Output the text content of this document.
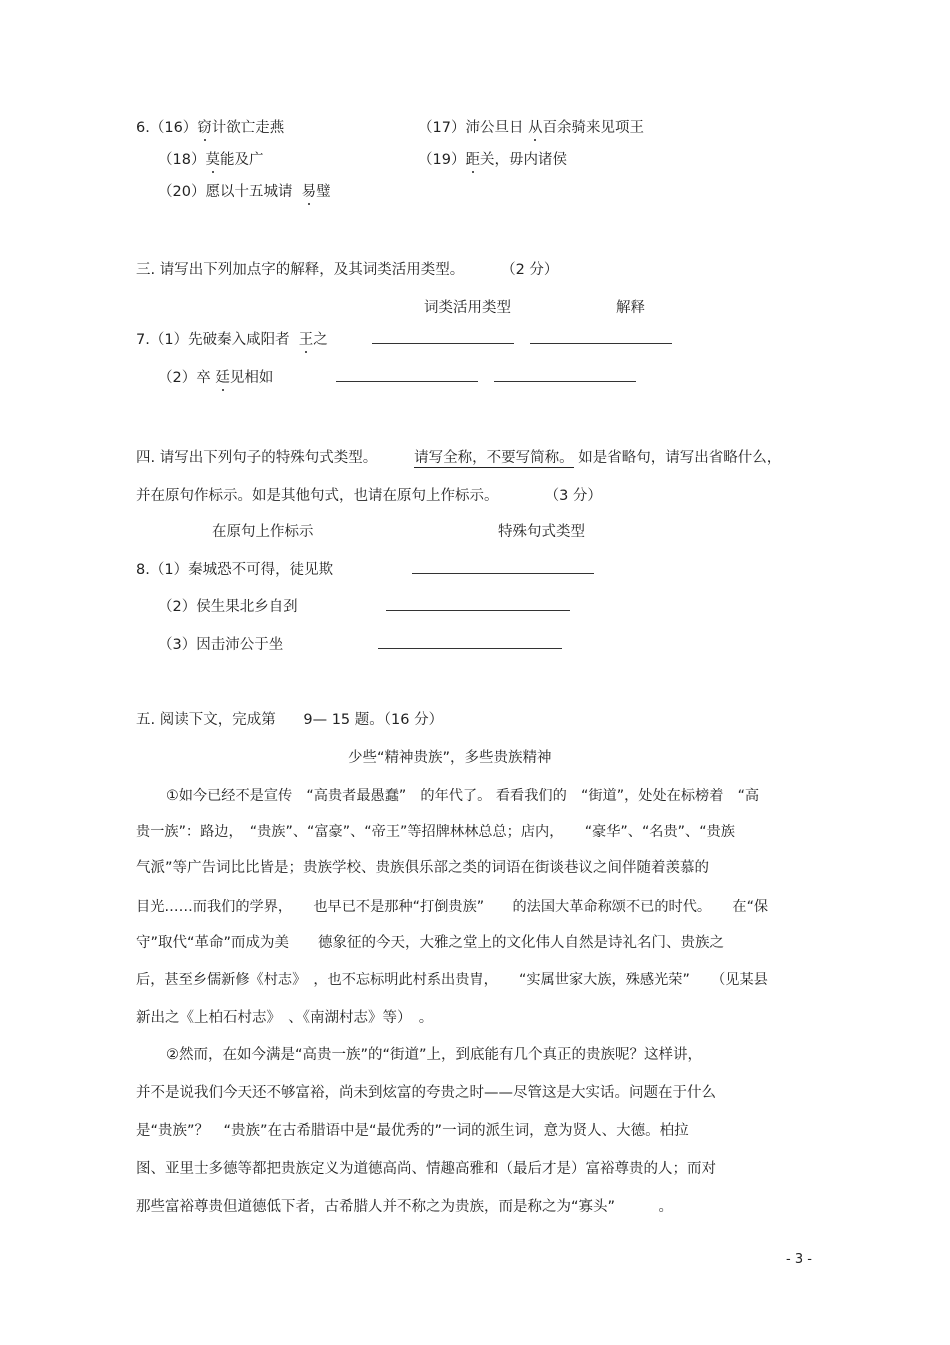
6.（16）窃计欲亡走燕	（17）沛公旦日 从百余骑来见项王
（18）莫能及广	（19）距关，毋内诸侯
（20）愿以十五城请 易璧
三. 请写出下列加点字的解释，及其词类活用类型。	（2 分）
词类活用类型	解释
7.（1）先破秦入咸阳者 王之
（2）卒 廷见相如
四. 请写出下列句子的特殊句式类型。	请写全称，不要写简称。 如是省略句，请写出省略什么，
并在原句作标示。如是其他句式，也请在原句上作标示。	（3 分）
在原句上作标示	特殊句式类型
8.（1）秦城恐不可得，徒见欺
（2）侯生果北乡自刭
（3）因击沛公于坐
五. 阅读下文，完成第 9— 15 题。（16 分）
少些“精神贵族”，多些贵族精神
①如今已经不是宣传　“高贵者最愚蠢”　的年代了。 看看我们的　“街道”，处处在标榜着　“高
贵一族”：路边，　“贵族”、“富豪”、“帝王”等招牌林林总总；店内，　　“豪华”、“名贵”、“贵族
气派”等广告词比比皆是；贵族学校、贵族俱乐部之类的词语在街谈巷议之间伴随着羡慕的
目光……而我们的学界，　　也早已不是那种“打倒贵族”　　的法国大革命称颂不已的时代。　　在“保
守”取代“革命”而成为美　　德象征的今天，大雅之堂上的文化伟人自然是诗礼名门、贵族之
后，甚至乡儒新修《村志》　，也不忘标明此村系出贵胄，　　“实属世家大族，殊感光荣”　　（见某县
新出之《上柏石村志》　、《南湖村志》等）　。
②然而，在如今满是“高贵一族”的“街道”上，到底能有几个真正的贵族呢？这样讲，
并不是说我们今天还不够富裕，尚未到炫富的夸贵之时——尽管这是大实话。问题在于什么
是“贵族”？　“贵族”在古希腊语中是“最优秀的”一词的派生词，意为贤人、大德。柏拉
图、亚里士多德等都把贵族定义为道德高尚、情趣高雅和（最后才是）富裕尊贵的人；而对
那些富裕尊贵但道德低下者，古希腊人并不称之为贵族，而是称之为“寡头”　　　。
- 3 -
